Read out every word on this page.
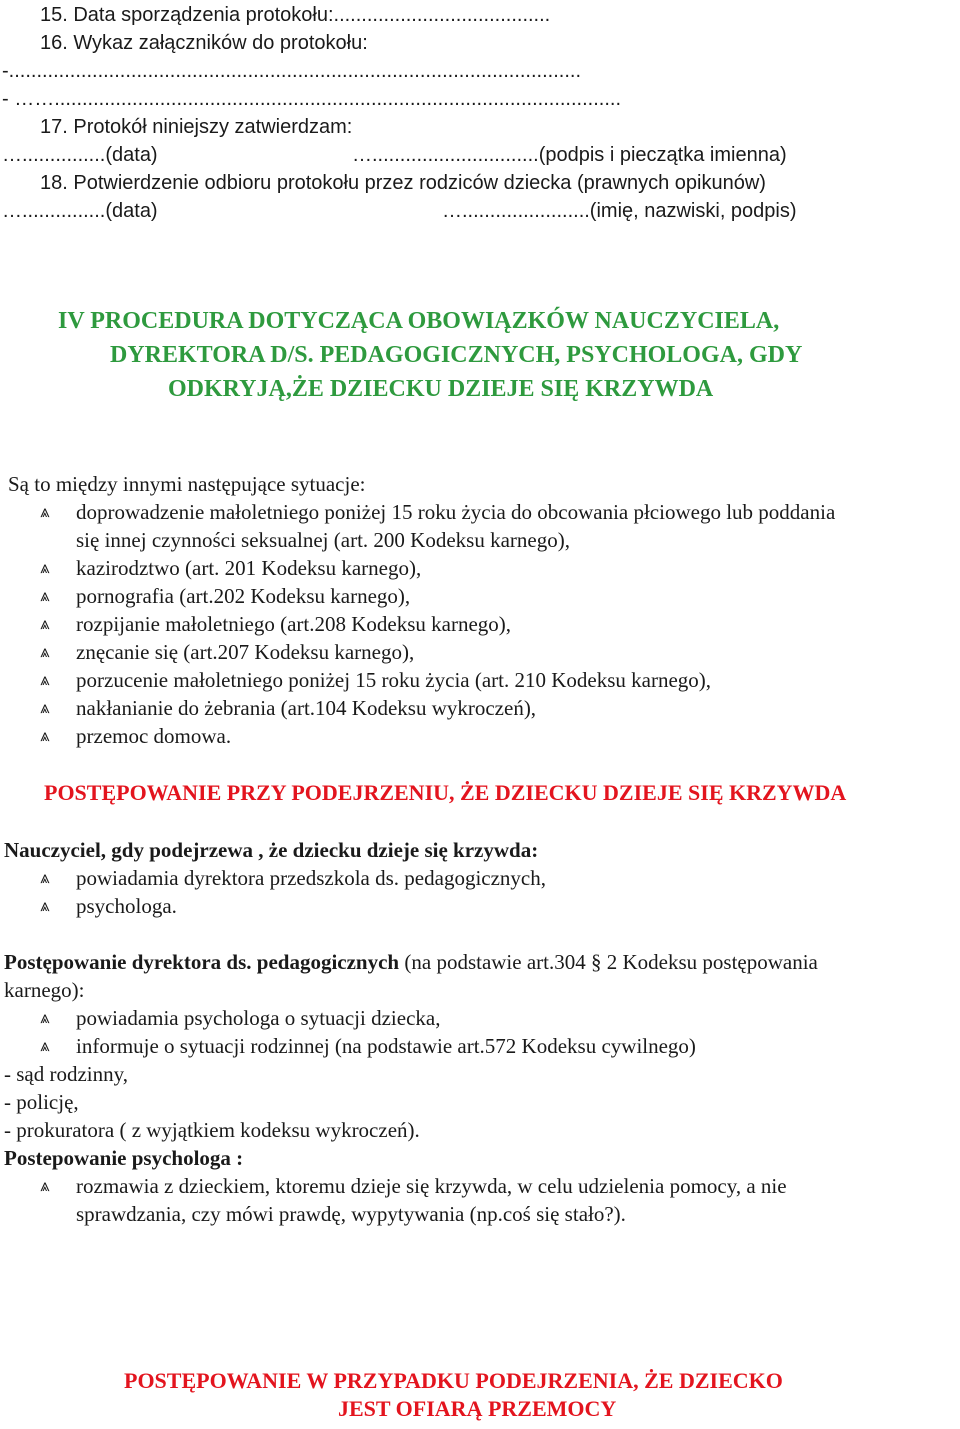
15. Data sporządzenia protokołu:.......................................
16. Wykaz załączników do protokołu:
-.......................................................................................................
- ……......................................................................................................
17. Protokół niniejszy zatwierdzam:
…...............(data)	…..............................(podpis i pieczątka imienna)
18. Potwierdzenie odbioru protokołu przez rodziców dziecka (prawnych opikunów)
…...............(data)	….......................(imię, nazwiski, podpis)
IV PROCEDURA DOTYCZĄCA OBOWIĄZKÓW NAUCZYCIELA,
DYREKTORA D/S. PEDAGOGICZNYCH, PSYCHOLOGA, GDY
ODKRYJĄ,ŻE DZIECKU DZIEJE SIĘ KRZYWDA
Są to między innymi następujące sytuacje:
⩓	doprowadzenie małoletniego poniżej 15 roku życia do obcowania płciowego lub poddania
się innej czynności seksualnej (art. 200 Kodeksu karnego),
⩓	kazirodztwo (art. 201 Kodeksu karnego),
⩓	pornografia (art.202 Kodeksu karnego),
⩓	rozpijanie małoletniego (art.208 Kodeksu karnego),
⩓	znęcanie się (art.207 Kodeksu karnego),
⩓	porzucenie małoletniego poniżej 15 roku życia (art. 210 Kodeksu karnego),
⩓	nakłanianie do żebrania (art.104 Kodeksu wykroczeń),
⩓	przemoc domowa.
POSTĘPOWANIE PRZY PODEJRZENIU, ŻE DZIECKU DZIEJE SIĘ KRZYWDA
Nauczyciel, gdy podejrzewa , że dziecku dzieje się krzywda:
⩓	powiadamia dyrektora przedszkola ds. pedagogicznych,
⩓	psychologa.
Postępowanie dyrektora ds. pedagogicznych (na podstawie art.304 § 2 Kodeksu postępowania
karnego):
⩓	powiadamia psychologa o sytuacji dziecka,
⩓	informuje o sytuacji rodzinnej (na podstawie art.572 Kodeksu cywilnego)
- sąd rodzinny,
- policję,
- prokuratora ( z wyjątkiem kodeksu wykroczeń).
Postepowanie psychologa :
⩓	rozmawia z dzieckiem, ktoremu dzieje się krzywda, w celu udzielenia pomocy, a nie
sprawdzania, czy mówi prawdę, wypytywania (np.coś się stało?).
POSTĘPOWANIE W PRZYPADKU PODEJRZENIA, ŻE DZIECKO
JEST OFIARĄ PRZEMOCY
